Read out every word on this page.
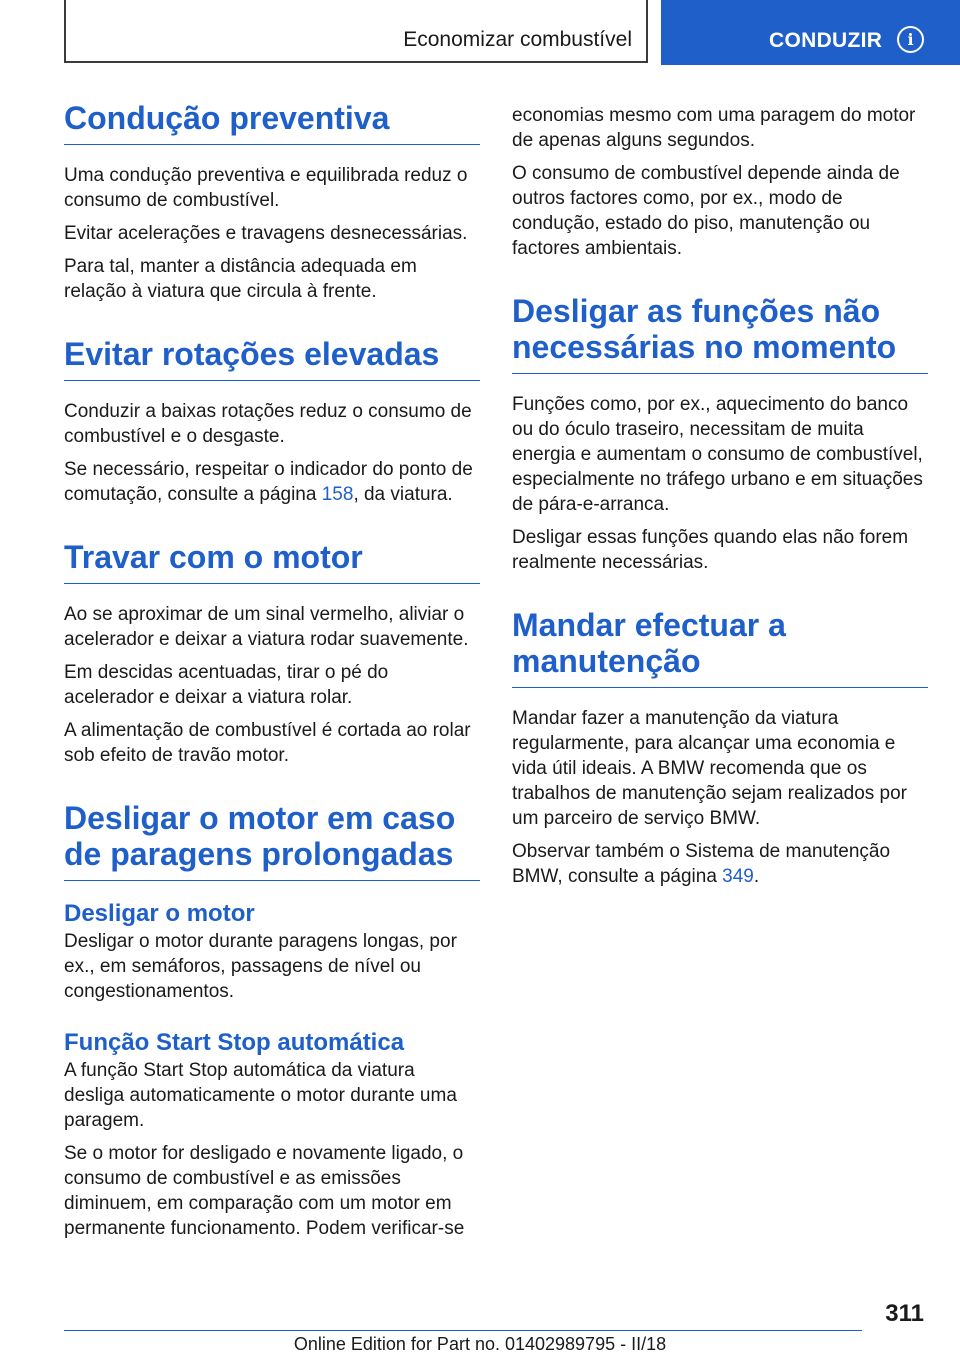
Economizar combustível	CONDUZIR	i
Condução preventiva

Uma condução preventiva e equilibrada reduz o consumo de combustível.

Evitar acelerações e travagens desnecessárias.

Para tal, manter a distância adequada em relação à viatura que circula à frente.

Evitar rotações elevadas

Conduzir a baixas rotações reduz o consumo de combustível e o desgaste.

Se necessário, respeitar o indicador do ponto de comutação, consulte a página 158, da viatura.

Travar com o motor

Ao se aproximar de um sinal vermelho, aliviar o acelerador e deixar a viatura rodar suavemente.

Em descidas acentuadas, tirar o pé do acelerador e deixar a viatura rolar.

A alimentação de combustível é cortada ao rolar sob efeito de travão motor.

Desligar o motor em caso de paragens prolongadas
Desligar o motor

Desligar o motor durante paragens longas, por ex., em semáforos, passagens de nível ou congestionamentos.

Função Start Stop automática

A função Start Stop automática da viatura desliga automaticamente o motor durante uma paragem.

Se o motor for desligado e novamente ligado, o consumo de combustível e as emissões diminuem, em comparação com um motor em permanente funcionamento. Podem verificar-se

economias mesmo com uma paragem do motor de apenas alguns segundos.

O consumo de combustível depende ainda de outros factores como, por ex., modo de condução, estado do piso, manutenção ou factores ambientais.

Desligar as funções não necessárias no momento

Funções como, por ex., aquecimento do banco ou do óculo traseiro, necessitam de muita energia e aumentam o consumo de combustível, especialmente no tráfego urbano e em situações de pára-e-arranca.

Desligar essas funções quando elas não forem realmente necessárias.

Mandar efectuar a manutenção

Mandar fazer a manutenção da viatura regularmente, para alcançar uma economia e vida útil ideais. A BMW recomenda que os trabalhos de manutenção sejam realizados por um parceiro de serviço BMW.

Observar também o Sistema de manutenção BMW, consulte a página 349.

311
Online Edition for Part no. 01402989795 - II/18
